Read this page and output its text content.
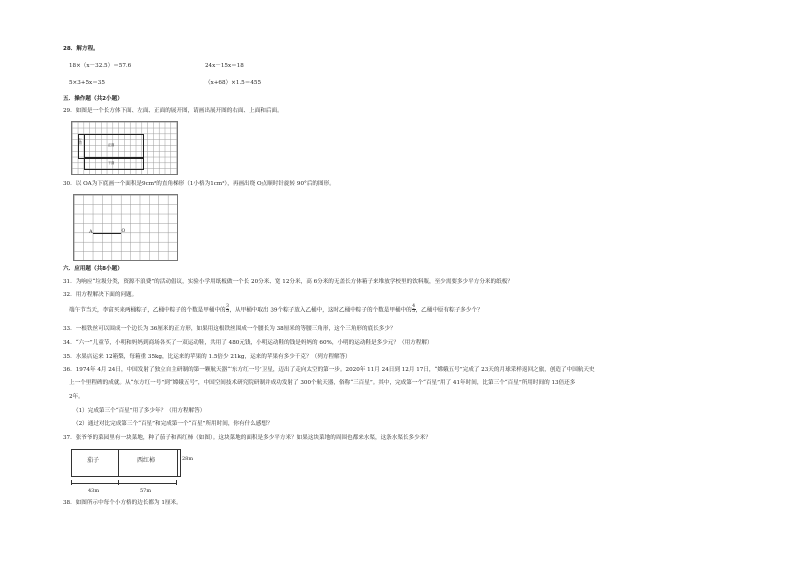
28．解方程。
18×（x－32.5）＝57.6	24x－15x＝18
5×3+5x＝35	（x+68）×1.5＝455
五．操作题（共2小题）
29．如图是一个长方体下面、左面、正面的展开图，请画出展开图的右面、上面和后面。
左面	正面
下面
30．以 OA为下底画一个面积是9cm²的直角梯形（1小格为1cm²），再画出绕 O点顺时针旋转 90°后的图形。
A	O
六．应用题（共8小题）
31．为响应“垃圾分类，资源不浪费”的活动倡议，实验小学用纸板做一个长 20分米、宽 12分米，高 6分米的无盖长方体箱子来堆放学校里的饮料瓶，至少需要多少平方分米的纸板？
32．用方程解决下面的问题。
端午节当天，李富买来两桶粽子，乙桶中粽子的个数是甲桶中的 $\frac{3}{5}$ ，从甲桶中取出 39个粽子放入乙桶中，这时乙桶中粽子的个数是甲桶中的 $\frac{4}{5}$ ，乙桶中原有粽子多少个？
33．一根铁丝可以围成一个边长为 36厘米的正方形，如果用这根铁丝围成一个腰长为 38厘米的等腰三角形，这个三角形的底长多少？
34．“六一”儿童节，小明和妈妈到商场各买了一双运动鞋，共用了 480元钱，小明运动鞋的钱是妈妈的 60%，小明的运动鞋是多少元？（用方程解）
35．水果店运来 12箱梨，每箱重 35kg，比运来的苹果的 1.5倍少 21kg，运来的苹果有多少千克？（列方程解答）
36．1974年 4月 24日，中国发射了独立自主研制的第一颗航天器“‘东方红一号’卫星，迈出了走向太空的第一步。2020年 11月 24日到 12月 17日，“嫦娥五号”完成了 23天的月球采样返回之旅，创造了中国航天史
上一个里程碑的成就。从“东方红一号”到“嫦娥五号”，中国空间技术研究院研制并成功发射了 300个航天器，俗称“三百星”。其中，完成第一个“百星”用了 41年时间，比第三个“百星”所用时间的 13倍还多
2年。
（1）完成第三个“百星”用了多少年？（用方程解答）
（2）通过对比完成第三个“百星”和完成第一个“百星”所用时间，你有什么感想？
37．张爷爷的菜园里有一块菜地，种了茄子和西红柿（如图）。这块菜地的面积是多少平方米？如果这块菜地的周围也都来水渠，这条水渠长多少米？
茄子	西红柿	28m
43m	57m
38．如图所示中每个小方格的边长都为 1厘米。
